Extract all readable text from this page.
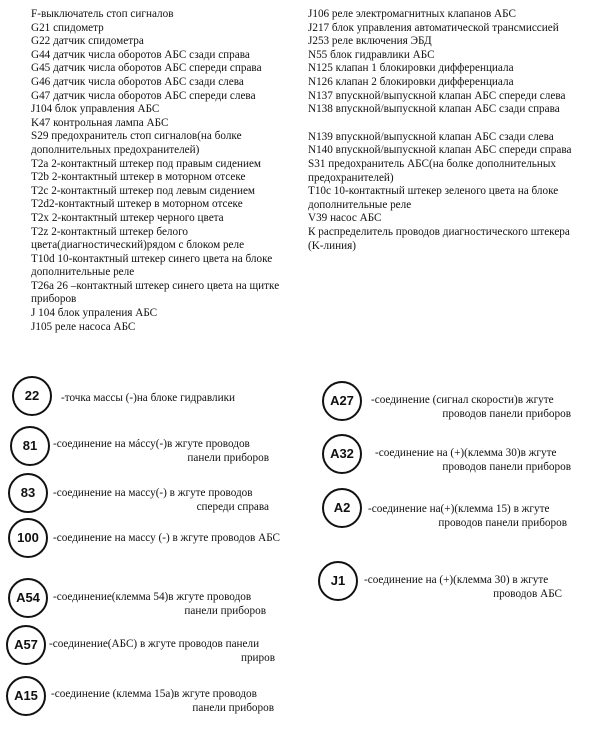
F-выключатель стоп сигналов

G21 спидометр

G22 датчик спидометра

G44 датчик числа оборотов АБС сзади справа

G45 датчик числа оборотов АБС спереди справа

G46 датчик числа оборотов АБС сзади слева

G47 датчик числа оборотов АБС спереди слева

J104 блок управления АБС

K47 контрольная лампа АБС

S29 предохранитель стоп сигналов(на болке дополнительных предохранителей)

T2a 2-контактный штекер под правым сидением

T2b 2-контактный штекер в моторном отсеке

T2c 2-контактный штекер под левым сидением

T2d2-контактный штекер в моторном отсеке

T2x 2-контактный штекер черного цвета

T2z 2-контактный штекер белого цвета(диагностический)рядом с блоком реле

T10d 10-контактный штекер синего цвета на блоке дополнительные реле

T26a 26 –контактный штекер синего цвета на щитке приборов

J 104 блок упраления АБС

J105 реле насоса АБС

J106 реле электромагнитных клапанов АБС

J217 блок управления автоматической трансмиссией

J253 реле включения ЭБД

N55 блок гидравлики АБС

N125 клапан 1 блокировки дифференциала

N126 клапан 2 блокировки дифференциала

N137 впускной/выпускной клапан АБС спереди слева

N138 впускной/выпускной клапан АБС сзади справа

N139 впускной/выпускной клапан АБС сзади слева

N140 впускной/выпускной клапан АБС спереди справа

S31 предохранитель АБС(на болке дополнительных предохранителей)

T10c 10-контактный штекер зеленого цвета на блоке дополнительные реле

V39 насос АБС

К распределитель проводов диагностического штекера (K-линия)

22	-точка массы (-)на блоке гидравлики
81	-соединение на мáссу(-)в жгуте проводов
панели приборов
83	-соединение на массу(-) в жгуте проводов
спереди справа
100	-соединение на массу (-) в жгуте проводов АБС
A54	-соединение(клемма 54)в жгуте проводов
панели приборов
A57 -соединение(АБС) в жгуте проводов панели
приров
A15	-соединение (клемма 15a)в жгуте проводов
панели приборов
A27	-соединение (сигнал скорости)в жгуте
проводов панели приборов
A32	-соединение на (+)(клемма 30)в жгуте
проводов панели приборов
A2	-соединение на(+)(клемма 15) в жгуте
проводов панели приборов
J1	-соединение на (+)(клемма 30) в жгуте
проводов АБС
